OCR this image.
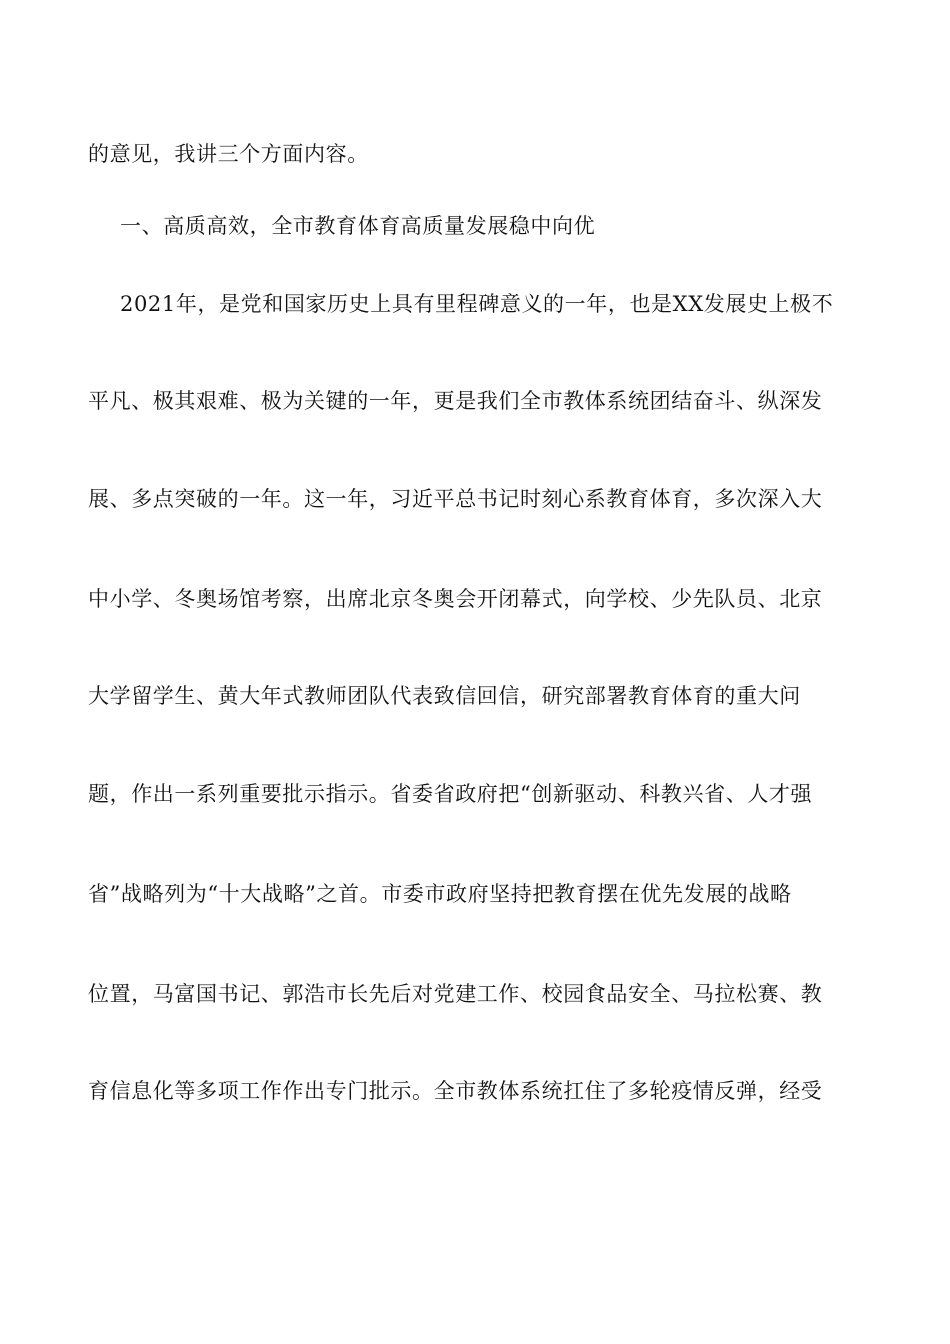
的意见，我讲三个方面内容。
一、高质高效，全市教育体育高质量发展稳中向优
2021年，是党和国家历史上具有里程碑意义的一年，也是XX发展史上极不
平凡、极其艰难、极为关键的一年，更是我们全市教体系统团结奋斗、纵深发
展、多点突破的一年。这一年，习近平总书记时刻心系教育体育，多次深入大
中小学、冬奥场馆考察，出席北京冬奥会开闭幕式，向学校、少先队员、北京
大学留学生、黄大年式教师团队代表致信回信，研究部署教育体育的重大问
题，作出一系列重要批示指示。省委省政府把“创新驱动、科教兴省、人才强
省”战略列为“十大战略”之首。市委市政府坚持把教育摆在优先发展的战略
位置，马富国书记、郭浩市长先后对党建工作、校园食品安全、马拉松赛、教
育信息化等多项工作作出专门批示。全市教体系统扛住了多轮疫情反弹，经受
